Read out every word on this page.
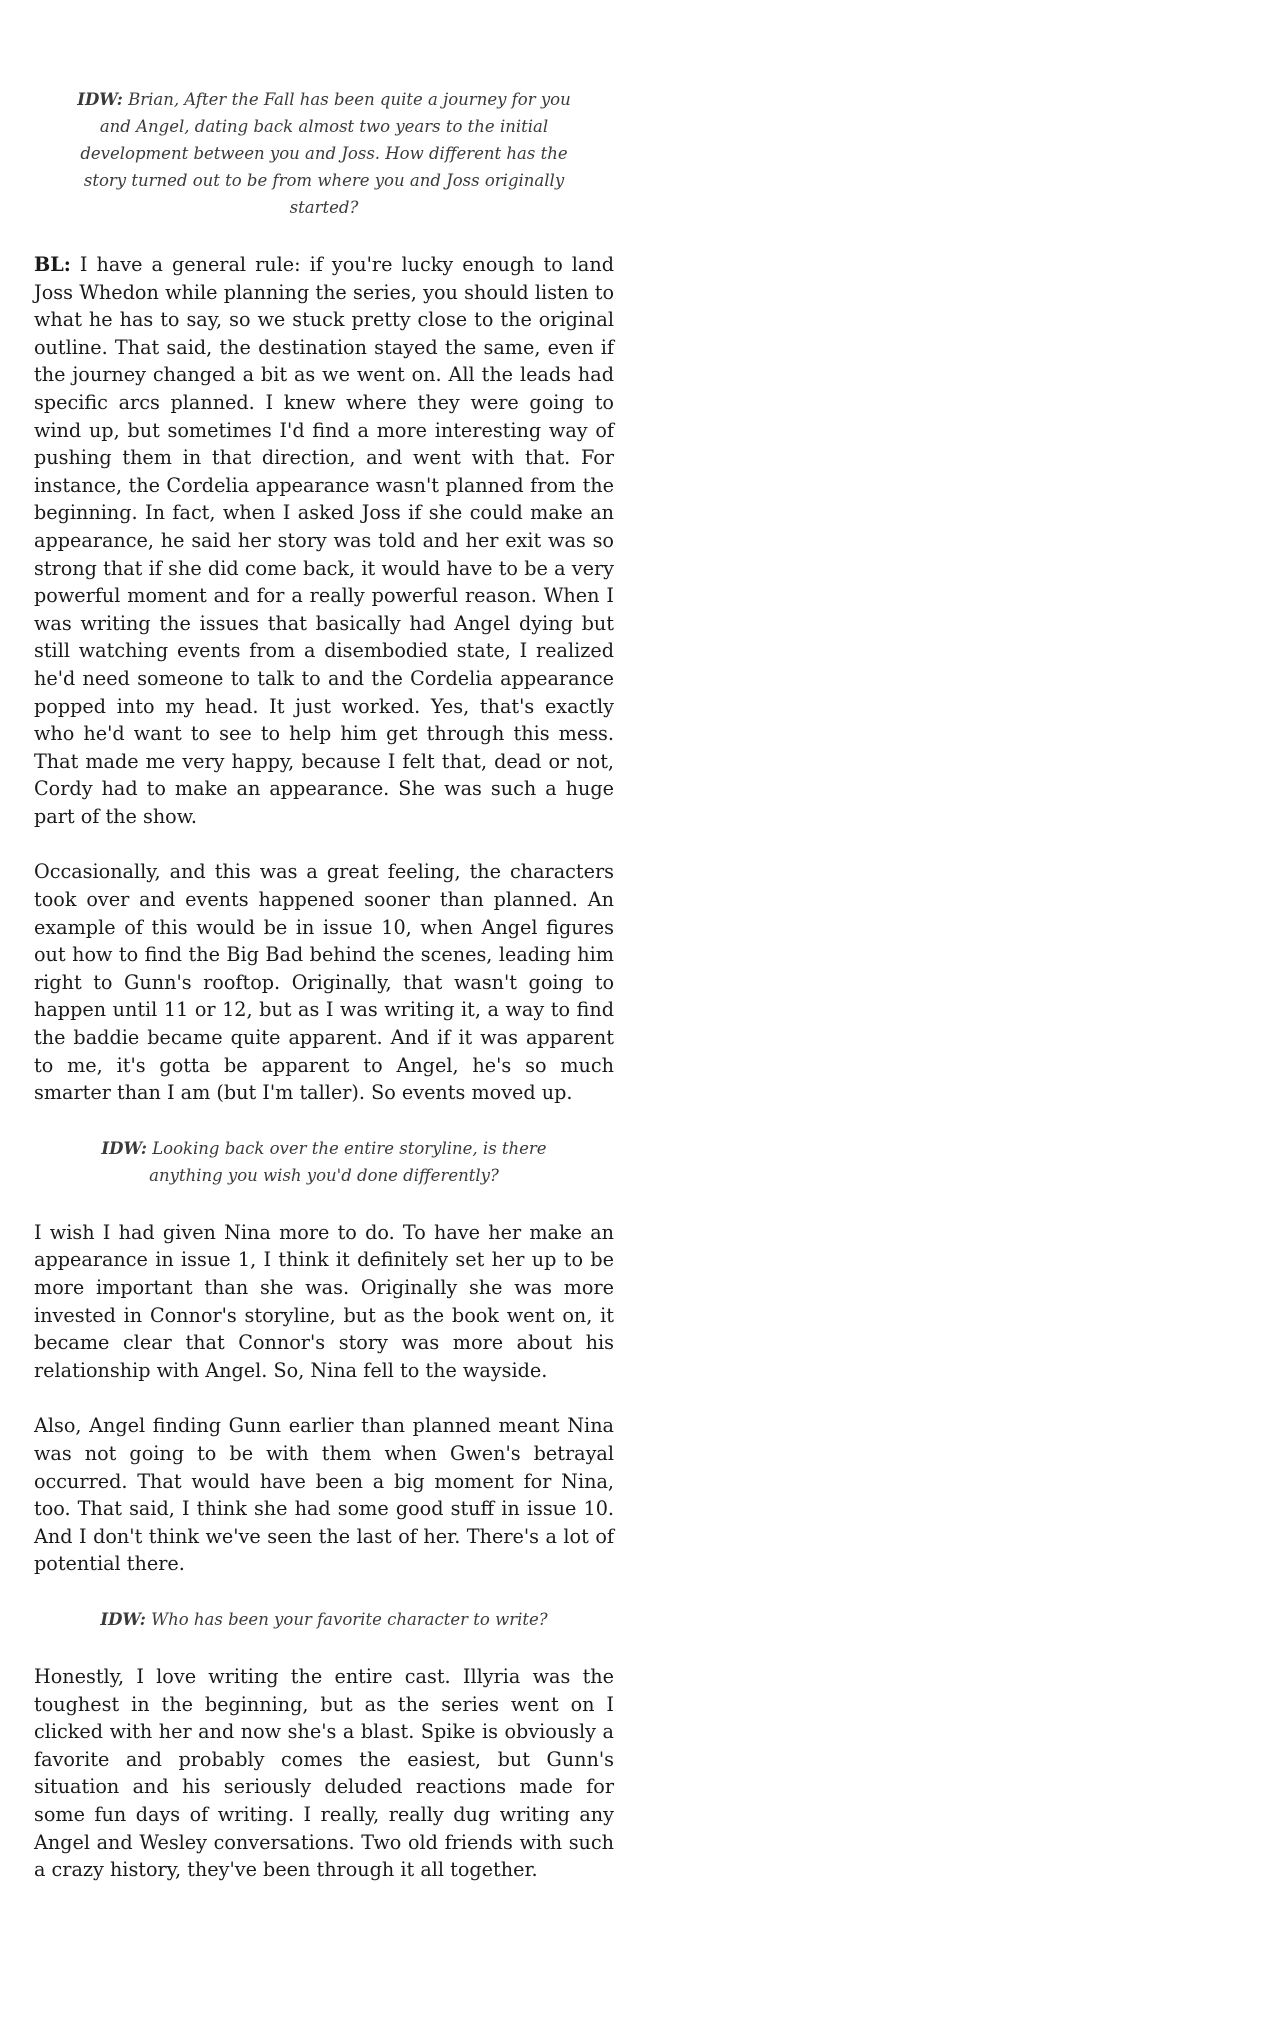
IDW: Brian, After the Fall has been quite a journey for you and Angel, dating back almost two years to the initial development between you and Joss. How different has the story turned out to be from where you and Joss originally started?
BL: I have a general rule: if you're lucky enough to land Joss Whedon while planning the series, you should listen to what he has to say, so we stuck pretty close to the original outline. That said, the destination stayed the same, even if the journey changed a bit as we went on. All the leads had specific arcs planned. I knew where they were going to wind up, but sometimes I'd find a more interesting way of pushing them in that direction, and went with that. For instance, the Cordelia appearance wasn't planned from the beginning. In fact, when I asked Joss if she could make an appearance, he said her story was told and her exit was so strong that if she did come back, it would have to be a very powerful moment and for a really powerful reason. When I was writing the issues that basically had Angel dying but still watching events from a disembodied state, I realized he'd need someone to talk to and the Cordelia appearance popped into my head. It just worked. Yes, that's exactly who he'd want to see to help him get through this mess. That made me very happy, because I felt that, dead or not, Cordy had to make an appearance. She was such a huge part of the show.
Occasionally, and this was a great feeling, the characters took over and events happened sooner than planned. An example of this would be in issue 10, when Angel figures out how to find the Big Bad behind the scenes, leading him right to Gunn's rooftop. Originally, that wasn't going to happen until 11 or 12, but as I was writing it, a way to find the baddie became quite apparent. And if it was apparent to me, it's gotta be apparent to Angel, he's so much smarter than I am (but I'm taller). So events moved up.
IDW: Looking back over the entire storyline, is there anything you wish you'd done differently?
I wish I had given Nina more to do. To have her make an appearance in issue 1, I think it definitely set her up to be more important than she was. Originally she was more invested in Connor's storyline, but as the book went on, it became clear that Connor's story was more about his relationship with Angel. So, Nina fell to the wayside.
Also, Angel finding Gunn earlier than planned meant Nina was not going to be with them when Gwen's betrayal occurred. That would have been a big moment for Nina, too. That said, I think she had some good stuff in issue 10. And I don't think we've seen the last of her. There's a lot of potential there.
IDW: Who has been your favorite character to write?
Honestly, I love writing the entire cast. Illyria was the toughest in the beginning, but as the series went on I clicked with her and now she's a blast. Spike is obviously a favorite and probably comes the easiest, but Gunn's situation and his seriously deluded reactions made for some fun days of writing. I really, really dug writing any Angel and Wesley conversations. Two old friends with such a crazy history, they've been through it all together.
